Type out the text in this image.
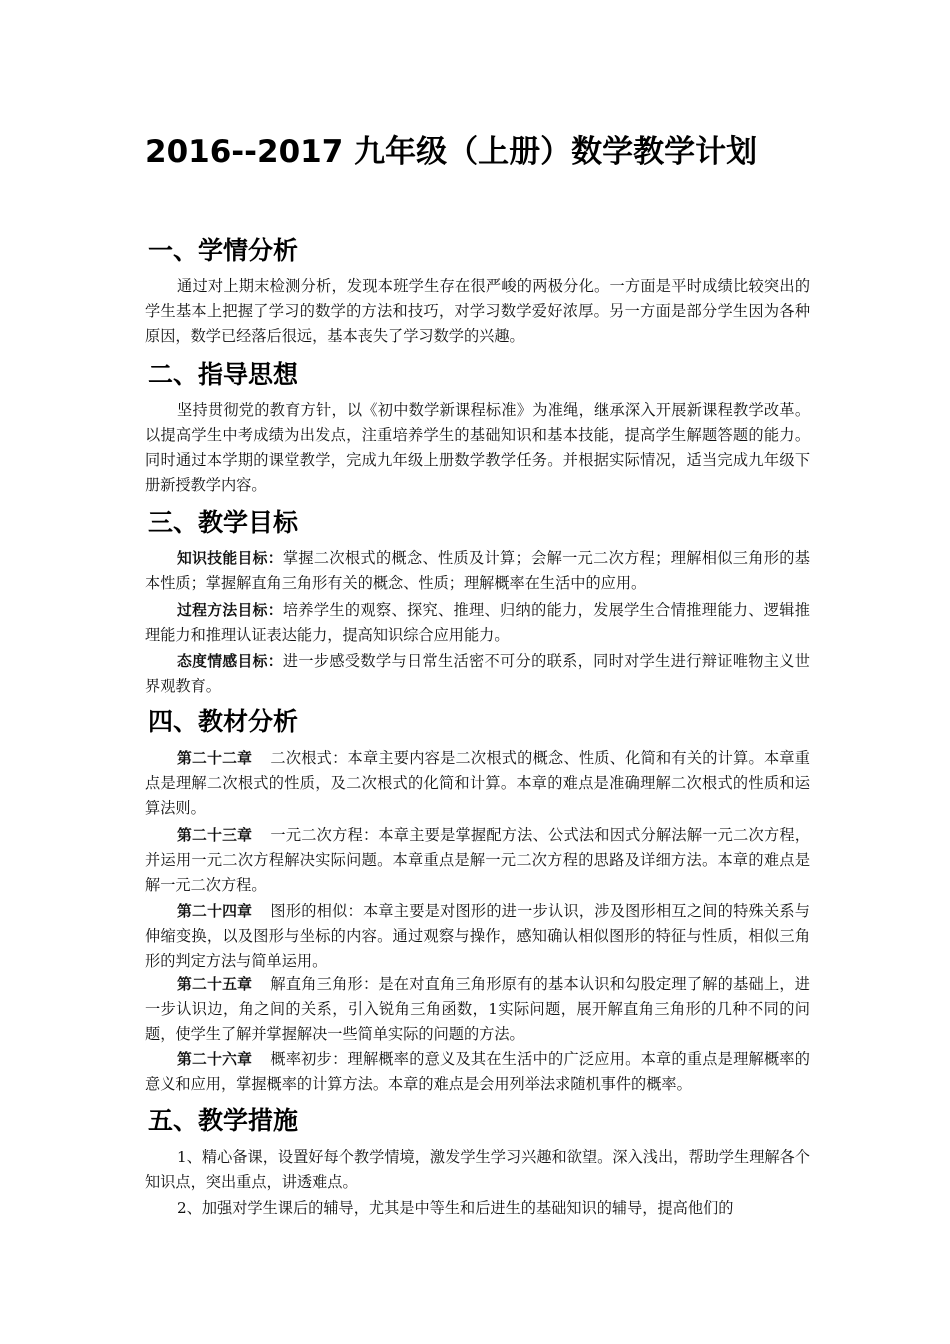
2016--2017 九年级（上册）数学教学计划
一、学情分析

通过对上期末检测分析，发现本班学生存在很严峻的两极分化。一方面是平时成绩比较突出的学生基本上把握了学习的数学的方法和技巧，对学习数学爱好浓厚。另一方面是部分学生因为各种原因，数学已经落后很远，基本丧失了学习数学的兴趣。

二、指导思想

坚持贯彻党的教育方针，以《初中数学新课程标准》为准绳，继承深入开展新课程教学改革。以提高学生中考成绩为出发点，注重培养学生的基础知识和基本技能，提高学生解题答题的能力。同时通过本学期的课堂教学，完成九年级上册数学教学任务。并根据实际情况，适当完成九年级下册新授教学内容。

三、教学目标

知识技能目标：掌握二次根式的概念、性质及计算；会解一元二次方程；理解相似三角形的基本性质；掌握解直角三角形有关的概念、性质；理解概率在生活中的应用。

过程方法目标：培养学生的观察、探究、推理、归纳的能力，发展学生合情推理能力、逻辑推理能力和推理认证表达能力，提高知识综合应用能力。

态度情感目标：进一步感受数学与日常生活密不可分的联系，同时对学生进行辩证唯物主义世界观教育。

四、教材分析

第二十二章 二次根式：本章主要内容是二次根式的概念、性质、化简和有关的计算。本章重点是理解二次根式的性质，及二次根式的化简和计算。本章的难点是准确理解二次根式的性质和运算法则。

第二十三章 一元二次方程：本章主要是掌握配方法、公式法和因式分解法解一元二次方程，并运用一元二次方程解决实际问题。本章重点是解一元二次方程的思路及详细方法。本章的难点是解一元二次方程。

第二十四章 图形的相似：本章主要是对图形的进一步认识，涉及图形相互之间的特殊关系与伸缩变换，以及图形与坐标的内容。通过观察与操作，感知确认相似图形的特征与性质，相似三角形的判定方法与简单运用。

第二十五章 解直角三角形：是在对直角三角形原有的基本认识和勾股定理了解的基础上，进一步认识边，角之间的关系，引入锐角三角函数，1实际问题，展开解直角三角形的几种不同的问题，使学生了解并掌握解决一些简单实际的问题的方法。

第二十六章 概率初步：理解概率的意义及其在生活中的广泛应用。本章的重点是理解概率的意义和应用，掌握概率的计算方法。本章的难点是会用列举法求随机事件的概率。

五、教学措施

1、精心备课，设置好每个教学情境，激发学生学习兴趣和欲望。深入浅出，帮助学生理解各个知识点，突出重点，讲透难点。

2、加强对学生课后的辅导，尤其是中等生和后进生的基础知识的辅导，提高他们的
